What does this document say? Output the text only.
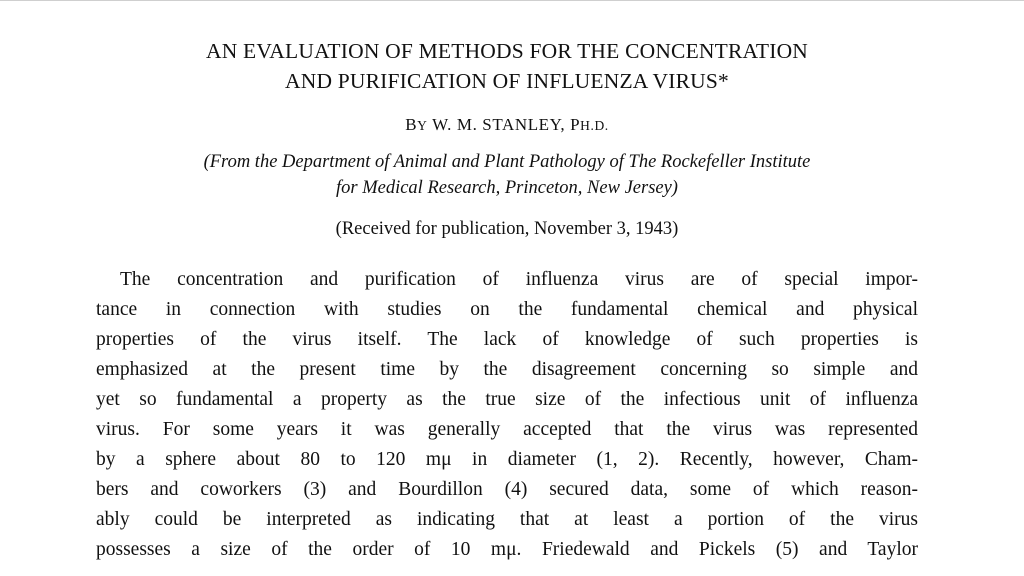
AN EVALUATION OF METHODS FOR THE CONCENTRATION
AND PURIFICATION OF INFLUENZA VIRUS*
BY W. M. STANLEY, PH.D.
(From the Department of Animal and Plant Pathology of The Rockefeller Institute
for Medical Research, Princeton, New Jersey)
(Received for publication, November 3, 1943)
The concentration and purification of influenza virus are of special impor-
tance in connection with studies on the fundamental chemical and physical
properties of the virus itself. The lack of knowledge of such properties is
emphasized at the present time by the disagreement concerning so simple and
yet so fundamental a property as the true size of the infectious unit of influenza
virus. For some years it was generally accepted that the virus was represented
by a sphere about 80 to 120 mμ in diameter (1, 2). Recently, however, Cham-
bers and coworkers (3) and Bourdillon (4) secured data, some of which reason-
ably could be interpreted as indicating that at least a portion of the virus
possesses a size of the order of 10 mμ. Friedewald and Pickels (5) and Taylor
